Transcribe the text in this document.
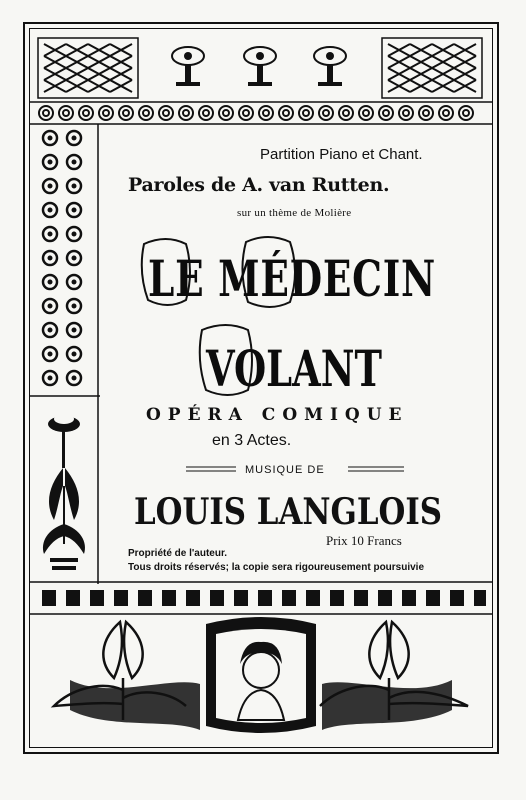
Partition Piano et Chant.
Paroles de A. van Rutten.
sur un thème de Molière
LE MÉDECIN
VOLANT
OPÉRA COMIQUE
en 3 Actes.
MUSIQUE DE
LOUIS LANGLOIS
Prix 10 Francs
Propriété de l'auteur.
Tous droits réservés; la copie sera rigoureusement poursuivie
